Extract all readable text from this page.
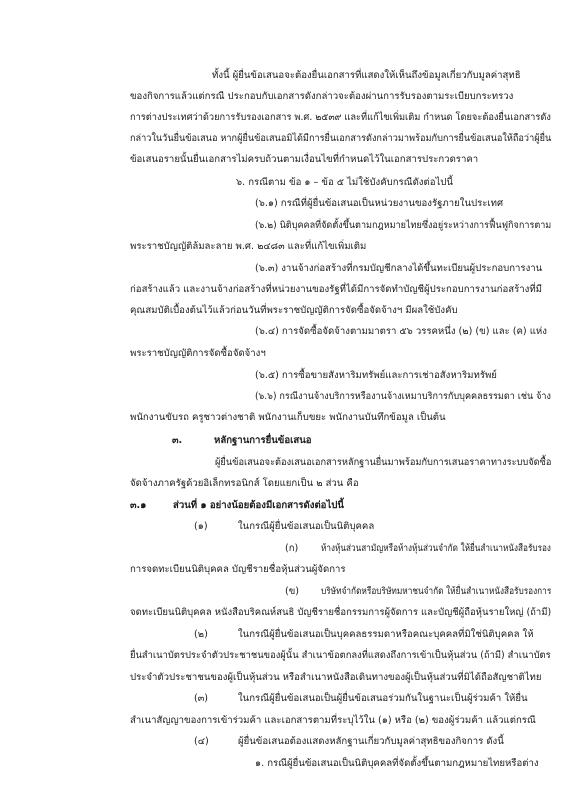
ทั้งนี้ ผู้ยื่นข้อเสนอจะต้องยื่นเอกสารที่แสดงให้เห็นถึงข้อมูลเกี่ยวกับมูลค่าสุทธิ
ของกิจการแล้วแต่กรณี ประกอบกับเอกสารดังกล่าวจะต้องผ่านการรับรองตามระเบียบกระทรวง
การต่างประเทศว่าด้วยการรับรองเอกสาร พ.ศ. ๒๕๓๙ และที่แก้ไขเพิ่มเติม กำหนด โดยจะต้องยื่นเอกสารดัง
กล่าวในวันยื่นข้อเสนอ หากผู้ยื่นข้อเสนอมิได้มีการยื่นเอกสารดังกล่าวมาพร้อมกับการยื่นข้อเสนอให้ถือว่าผู้ยื่น
ข้อเสนอรายนั้นยื่นเอกสารไม่ครบถ้วนตามเงื่อนไขที่กำหนดไว้ในเอกสารประกวดราคา
๖. กรณีตาม ข้อ ๑ – ข้อ ๕ ไม่ใช้บังคับกรณีดังต่อไปนี้
(๖.๑) กรณีที่ผู้ยื่นข้อเสนอเป็นหน่วยงานของรัฐภายในประเทศ
(๖.๒) นิติบุคคลที่จัดตั้งขึ้นตามกฎหมายไทยซึ่งอยู่ระหว่างการฟื้นฟูกิจการตาม
พระราชบัญญัติล้มละลาย พ.ศ. ๒๔๘๓ และที่แก้ไขเพิ่มเติม
(๖.๓) งานจ้างก่อสร้างที่กรมบัญชีกลางได้ขึ้นทะเบียนผู้ประกอบการงาน
ก่อสร้างแล้ว และงานจ้างก่อสร้างที่หน่วยงานของรัฐที่ได้มีการจัดทำบัญชีผู้ประกอบการงานก่อสร้างที่มี
คุณสมบัติเบื้องต้นไว้แล้วก่อนวันที่พระราชบัญญัติการจัดซื้อจัดจ้างฯ มีผลใช้บังคับ
(๖.๔) การจัดซื้อจัดจ้างตามมาตรา ๕๖ วรรคหนึ่ง (๒) (ข) และ (ค) แห่ง
พระราชบัญญัติการจัดซื้อจัดจ้างฯ
(๖.๕) การซื้อขายสังหาริมทรัพย์และการเช่าอสังหาริมทรัพย์
(๖.๖) กรณีงานจ้างบริการหรืองานจ้างเหมาบริการกับบุคคลธรรมดา เช่น จ้าง
พนักงานขับรถ ครูชาวต่างชาติ พนักงานเก็บขยะ พนักงานบันทึกข้อมูล เป็นต้น
๓.	หลักฐานการยื่นข้อเสนอ
ผู้ยื่นข้อเสนอจะต้องเสนอเอกสารหลักฐานยื่นมาพร้อมกับการเสนอราคาทางระบบจัดซื้อ
จัดจ้างภาครัฐด้วยอิเล็กทรอนิกส์ โดยแยกเป็น ๒ ส่วน คือ
๓.๑	ส่วนที่ ๑ อย่างน้อยต้องมีเอกสารดังต่อไปนี้
(๑)	ในกรณีผู้ยื่นข้อเสนอเป็นนิติบุคคล
(ก) ห้างหุ้นส่วนสามัญหรือห้างหุ้นส่วนจำกัด ให้ยื่นสำเนาหนังสือรับรอง
การจดทะเบียนนิติบุคคล บัญชีรายชื่อหุ้นส่วนผู้จัดการ
(ข) บริษัทจำกัดหรือบริษัทมหาชนจำกัด ให้ยื่นสำเนาหนังสือรับรองการ
จดทะเบียนนิติบุคคล หนังสือบริคณห์สนธิ บัญชีรายชื่อกรรมการผู้จัดการ และบัญชีผู้ถือหุ้นรายใหญ่ (ถ้ามี)
(๒)	ในกรณีผู้ยื่นข้อเสนอเป็นบุคคลธรรมดาหรือคณะบุคคลที่มิใช่นิติบุคคล ให้
ยื่นสำเนาบัตรประจำตัวประชาชนของผู้นั้น สำเนาข้อตกลงที่แสดงถึงการเข้าเป็นหุ้นส่วน (ถ้ามี) สำเนาบัตร
ประจำตัวประชาชนของผู้เป็นหุ้นส่วน หรือสำเนาหนังสือเดินทางของผู้เป็นหุ้นส่วนที่มิได้ถือสัญชาติไทย
(๓)	ในกรณีผู้ยื่นข้อเสนอเป็นผู้ยื่นข้อเสนอร่วมกันในฐานะเป็นผู้ร่วมค้า ให้ยื่น
สำเนาสัญญาของการเข้าร่วมค้า และเอกสารตามที่ระบุไว้ใน (๑) หรือ (๒) ของผู้ร่วมค้า แล้วแต่กรณี
(๔)	ผู้ยื่นข้อเสนอต้องแสดงหลักฐานเกี่ยวกับมูลค่าสุทธิของกิจการ ดังนี้
๑. กรณีผู้ยื่นข้อเสนอเป็นนิติบุคคลที่จัดตั้งขึ้นตามกฎหมายไทยหรือต่าง
